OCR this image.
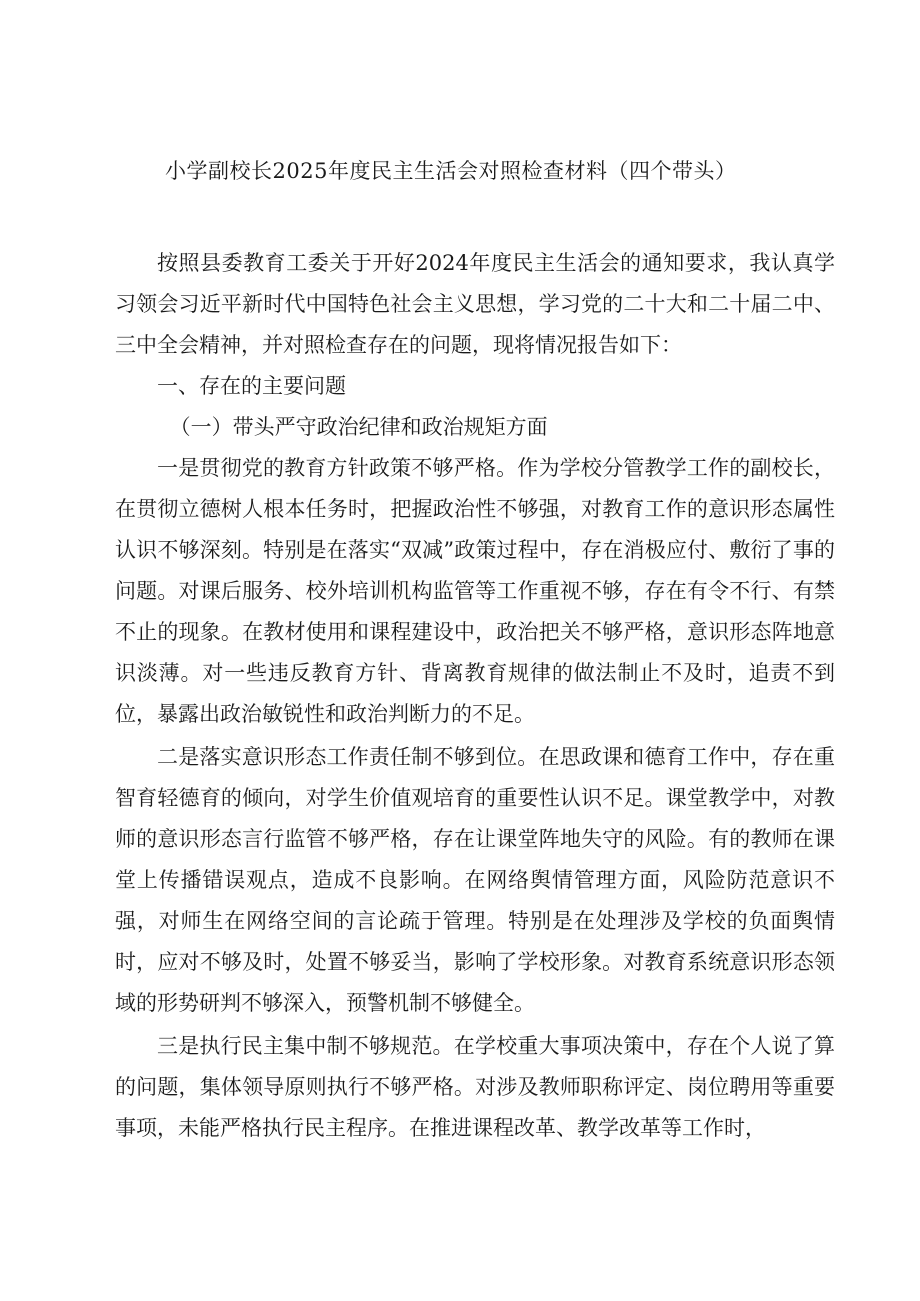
小学副校长2025年度民主生活会对照检查材料（四个带头）

按照县委教育工委关于开好2024年度民主生活会的通知要求，我认真学习领会习近平新时代中国特色社会主义思想，学习党的二十大和二十届二中、三中全会精神，并对照检查存在的问题，现将情况报告如下：

一、存在的主要问题

（一）带头严守政治纪律和政治规矩方面

一是贯彻党的教育方针政策不够严格。作为学校分管教学工作的副校长，在贯彻立德树人根本任务时，把握政治性不够强，对教育工作的意识形态属性认识不够深刻。特别是在落实“双减”政策过程中，存在消极应付、敷衍了事的问题。对课后服务、校外培训机构监管等工作重视不够，存在有令不行、有禁不止的现象。在教材使用和课程建设中，政治把关不够严格，意识形态阵地意识淡薄。对一些违反教育方针、背离教育规律的做法制止不及时，追责不到位，暴露出政治敏锐性和政治判断力的不足。

二是落实意识形态工作责任制不够到位。在思政课和德育工作中，存在重智育轻德育的倾向，对学生价值观培育的重要性认识不足。课堂教学中，对教师的意识形态言行监管不够严格，存在让课堂阵地失守的风险。有的教师在课堂上传播错误观点，造成不良影响。在网络舆情管理方面，风险防范意识不强，对师生在网络空间的言论疏于管理。特别是在处理涉及学校的负面舆情时，应对不够及时，处置不够妥当，影响了学校形象。对教育系统意识形态领域的形势研判不够深入，预警机制不够健全。

三是执行民主集中制不够规范。在学校重大事项决策中，存在个人说了算的问题，集体领导原则执行不够严格。对涉及教师职称评定、岗位聘用等重要事项，未能严格执行民主程序。在推进课程改革、教学改革等工作时，
